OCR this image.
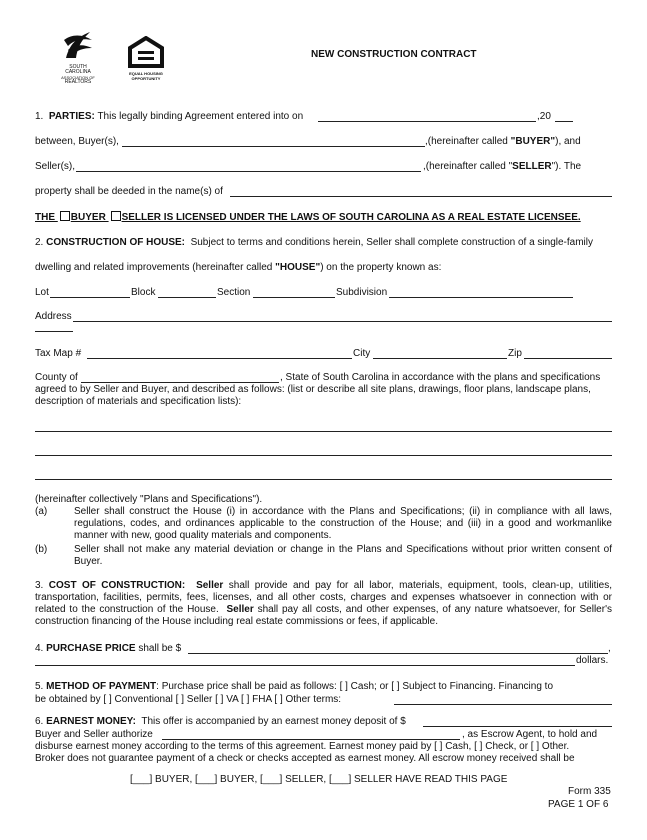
SOUTH
CAROLINA
ASSOCIATION OF
REALTORS
EQUAL HOUSING
OPPORTUNITY
NEW CONSTRUCTION CONTRACT
1. PARTIES: This legally binding Agreement entered into on	,20
between, Buyer(s),	,(hereinafter called "BUYER"), and
Seller(s),	,(hereinafter called "SELLER"). The
property shall be deeded in the name(s) of
THE BUYER SELLER IS LICENSED UNDER THE LAWS OF SOUTH CAROLINA AS A REAL ESTATE LICENSEE.
2. CONSTRUCTION OF HOUSE: Subject to terms and conditions herein, Seller shall complete construction of a single-family
dwelling and related improvements (hereinafter called "HOUSE") on the property known as:
Lot	Block	Section	Subdivision
Address
Tax Map #	City	Zip
County of	, State of South Carolina in accordance with the plans and specifications
agreed to by Seller and Buyer, and described as follows: (list or describe all site plans, drawings, floor plans, landscape plans,
description of materials and specification lists):
(hereinafter collectively "Plans and Specifications").
(a)	Seller shall construct the House (i) in accordance with the Plans and Specifications; (ii) in compliance with all laws, regulations, codes, and ordinances applicable to the construction of the House; and (iii) in a good and workmanlike manner with new, good quality materials and components.
(b)	Seller shall not make any material deviation or change in the Plans and Specifications without prior written consent of Buyer.
3. COST OF CONSTRUCTION: Seller shall provide and pay for all labor, materials, equipment, tools, clean-up, utilities, transportation, facilities, permits, fees, licenses, and all other costs, charges and expenses whatsoever in connection with or related to the construction of the House. Seller shall pay all costs, and other expenses, of any nature whatsoever, for Seller's construction financing of the House including real estate commissions or fees, if applicable.
4. PURCHASE PRICE shall be $	,
dollars.
5. METHOD OF PAYMENT: Purchase price shall be paid as follows: [ ] Cash; or [ ] Subject to Financing. Financing to
be obtained by [ ] Conventional [ ] Seller [ ] VA [ ] FHA [ ] Other terms:
6. EARNEST MONEY: This offer is accompanied by an earnest money deposit of $
Buyer and Seller authorize	, as Escrow Agent, to hold and
disburse earnest money according to the terms of this agreement. Earnest money paid by [ ] Cash, [ ] Check, or [ ] Other.
Broker does not guarantee payment of a check or checks accepted as earnest money. All escrow money received shall be
[___] BUYER, [___] BUYER, [___] SELLER, [___] SELLER HAVE READ THIS PAGE
Form 335
PAGE 1 OF 6
